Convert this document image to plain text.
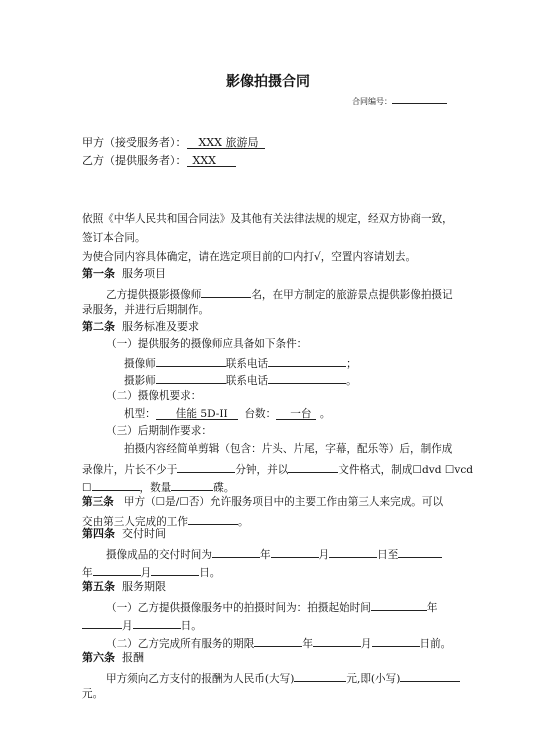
影像拍摄合同
合同编号：
甲方（接受服务者）： XXX 旅游局
乙方（提供服务者）： XXX
依照《中华人民共和国合同法》及其他有关法律法规的规定，经双方协商一致，
签订本合同。
为使合同内容具体确定，请在选定项目前的☐内打√，空置内容请划去。
第一条 服务项目
乙方提供摄影摄像师	名，在甲方制定的旅游景点提供影像拍摄记
录服务，并进行后期制作。
第二条 服务标准及要求
（一）提供服务的摄像师应具备如下条件：
摄像师	联系电话	；
摄影师	联系电话	。
（二）摄像机要求：
机型： 佳能 5D-II 台数： 一台 。
（三）后期制作要求：
拍摄内容经简单剪辑（包含：片头、片尾，字幕，配乐等）后，制作成
录像片，片长不少于	分钟，并以	文件格式，制成☐dvd ☐vcd
☐	，数量	碟。
第三条 甲方（☐是/☐否）允许服务项目中的主要工作由第三人来完成。可以
交由第三人完成的工作	。
第四条 交付时间
摄像成品的交付时间为	年	月	日至
年	月	日。
第五条 服务期限
（一）乙方提供摄像服务中的拍摄时间为：拍摄起始时间	年
月	日。
（二）乙方完成所有服务的期限	年	月	日前。
第六条 报酬
甲方须向乙方支付的报酬为人民币(大写)	元,即(小写)
元。
